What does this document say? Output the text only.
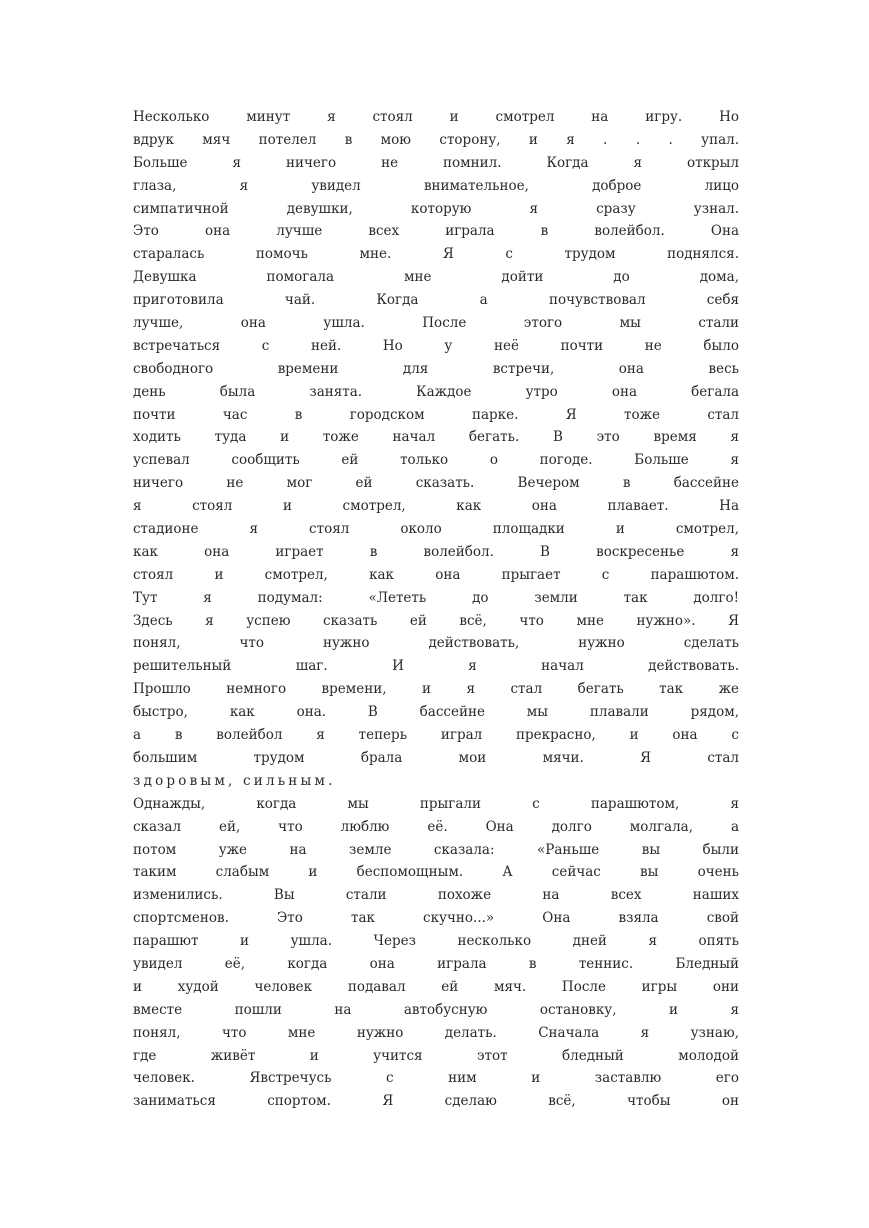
Несколько минут я стоял и смотрел на игру. Но
вдрук мяч потелел в мою сторону, и я . . . упал.
Больше я ничего не помнил. Когда я открыл
глаза, я увидел внимательное, доброе лицо
симпатичной девушки, которую я сразу узнал.
Это она лучше всех играла в волейбол. Она
старалась помочь мне. Я с трудом поднялся.
Девушка помогала мне дойти до дома,
приготовила чай. Когда а почувствовал себя
лучше, она ушла. После этого мы стали
встречаться с ней. Но у неё почти не было
свободного времени для встречи, она весь
день была занята. Каждое утро она бегала
почти час в городском парке. Я тоже стал
ходить туда и тоже начал бегать. В это время я
успевал сообщить ей только о погоде. Больше я
ничего не мог ей сказать. Вечером в бассейне
я стоял и смотрел, как она плавает. На
стадионе я стоял около площадки и смотрел,
как она играет в волейбол. В воскресенье я
стоял и смотрел, как она прыгает с парашютом.
Тут я подумал: «Лететь до земли так долго!
Здесь я успею сказать ей всё, что мне нужно». Я
понял, что нужно действовать, нужно сделать
решительный шаг. И я начал действовать.
Прошло немного времени, и я стал бегать так же
быстро, как она. В бассейне мы плавали рядом,
а в волейбол я теперь играл прекрасно, и она с
большим трудом брала мои мячи. Я стал
здоровым, сильным.
Однажды, когда мы прыгали с парашютом, я
сказал ей, что люблю её. Она долго молгала, а
потом уже на земле сказала: «Раньше вы были
таким слабым и беспомощным. А сейчас вы очень
изменились. Вы стали похоже на всех наших
спортсменов. Это так скучно...» Она взяла свой
парашют и ушла. Через несколько дней я опять
увидел её, когда она играла в теннис. Бледный
и худой человек подавал ей мяч. После игры они
вместе пошли на автобусную остановку, и я
понял, что мне нужно делать. Сначала я узнаю,
где живёт и учится этот бледный молодой
человек. Явстречусь с ним и заставлю его
заниматься спортом. Я сделаю всё, чтобы он
